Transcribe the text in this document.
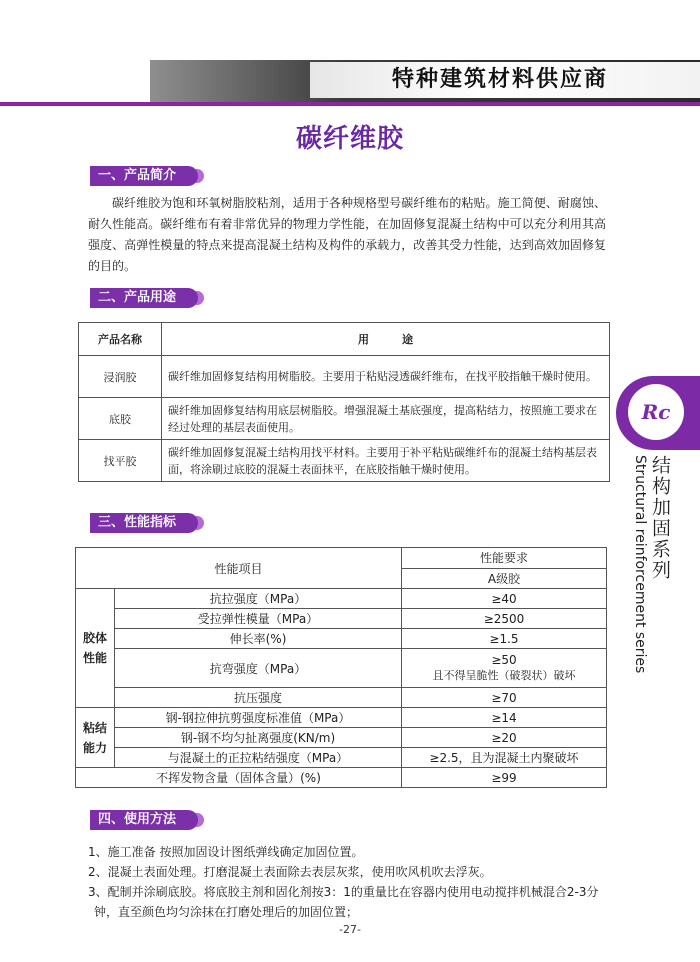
特种建筑材料供应商
碳纤维胶
一、产品简介
碳纤维胶为饱和环氧树脂胶粘剂，适用于各种规格型号碳纤维布的粘贴。施工简便、耐腐蚀、耐久性能高。碳纤维布有着非常优异的物理力学性能，在加固修复混凝土结构中可以充分利用其高强度、高弹性模量的特点来提高混凝土结构及构件的承载力，改善其受力性能，达到高效加固修复的目的。
二、产品用途
产品名称	用　　　途
浸润胶	碳纤维加固修复结构用树脂胶。主要用于粘贴浸透碳纤维布，在找平胶指触干燥时使用。
底胶	碳纤维加固修复结构用底层树脂胶。增强混凝土基底强度，提高粘结力，按照施工要求在经过处理的基层表面使用。
找平胶	碳纤维加固修复混凝土结构用找平材料。主要用于补平粘贴碳维纤布的混凝土结构基层表面，将涂刷过底胶的混凝土表面抹平，在底胶指触干燥时使用。
三、性能指标
性能项目		性能要求
		A级胶
胶体性能	抗拉强度（MPa）	≥40
	受拉弹性模量（MPa）	≥2500
	伸长率(%)	≥1.5
	抗弯强度（MPa）	≥50
且不得呈脆性（破裂状）破坏

	抗压强度	≥70
粘结能力	钢-钢拉伸抗剪强度标准值（MPa）	≥14
	钢-钢不均匀扯离强度(KN/m)	≥20
	与混凝土的正拉粘结强度（MPa）	≥2.5，且为混凝土内聚破坏
不挥发物含量（固体含量）(%)		≥99
四、使用方法
1、施工准备 按照加固设计图纸弹线确定加固位置。
2、混凝土表面处理。打磨混凝土表面除去表层灰浆，使用吹风机吹去浮灰。
3、配制并涂刷底胶。将底胶主剂和固化剂按3：1的重量比在容器内使用电动搅拌机械混合2-3分
钟，直至颜色均匀涂抹在打磨处理后的加固位置；
Rc
结构加固系列
Structural reinforcement series
-27-
